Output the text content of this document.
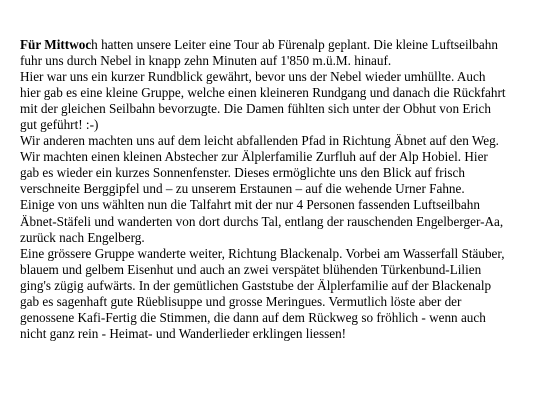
Für Mittwoch hatten unsere Leiter eine Tour ab Fürenalp geplant. Die kleine Luftseilbahn
fuhr uns durch Nebel in knapp zehn Minuten auf 1'850 m.ü.M. hinauf.

Hier war uns ein kurzer Rundblick gewährt, bevor uns der Nebel wieder umhüllte. Auch
hier gab es eine kleine Gruppe, welche einen kleineren Rundgang und danach die Rückfahrt
mit der gleichen Seilbahn bevorzugte. Die Damen fühlten sich unter der Obhut von Erich
gut geführt! :-)

Wir anderen machten uns auf dem leicht abfallenden Pfad in Richtung Äbnet auf den Weg.
Wir machten einen kleinen Abstecher zur Älplerfamilie Zurfluh auf der Alp Hobiel. Hier
gab es wieder ein kurzes Sonnenfenster. Dieses ermöglichte uns den Blick auf frisch
verschneite Berggipfel und – zu unserem Erstaunen – auf die wehende Urner Fahne.

Einige von uns wählten nun die Talfahrt mit der nur 4 Personen fassenden Luftseilbahn
Äbnet-Stäfeli und wanderten von dort durchs Tal, entlang der rauschenden Engelberger-Aa,
zurück nach Engelberg.

Eine grössere Gruppe wanderte weiter, Richtung Blackenalp. Vorbei am Wasserfall Stäuber,
blauem und gelbem Eisenhut und auch an zwei verspätet blühenden Türkenbund-Lilien
ging's zügig aufwärts. In der gemütlichen Gaststube der Älplerfamilie auf der Blackenalp
gab es sagenhaft gute Rüeblisuppe und grosse Meringues. Vermutlich löste aber der
genossene Kafi-Fertig die Stimmen, die dann auf dem Rückweg so fröhlich - wenn auch
nicht ganz rein - Heimat- und Wanderlieder erklingen liessen!
